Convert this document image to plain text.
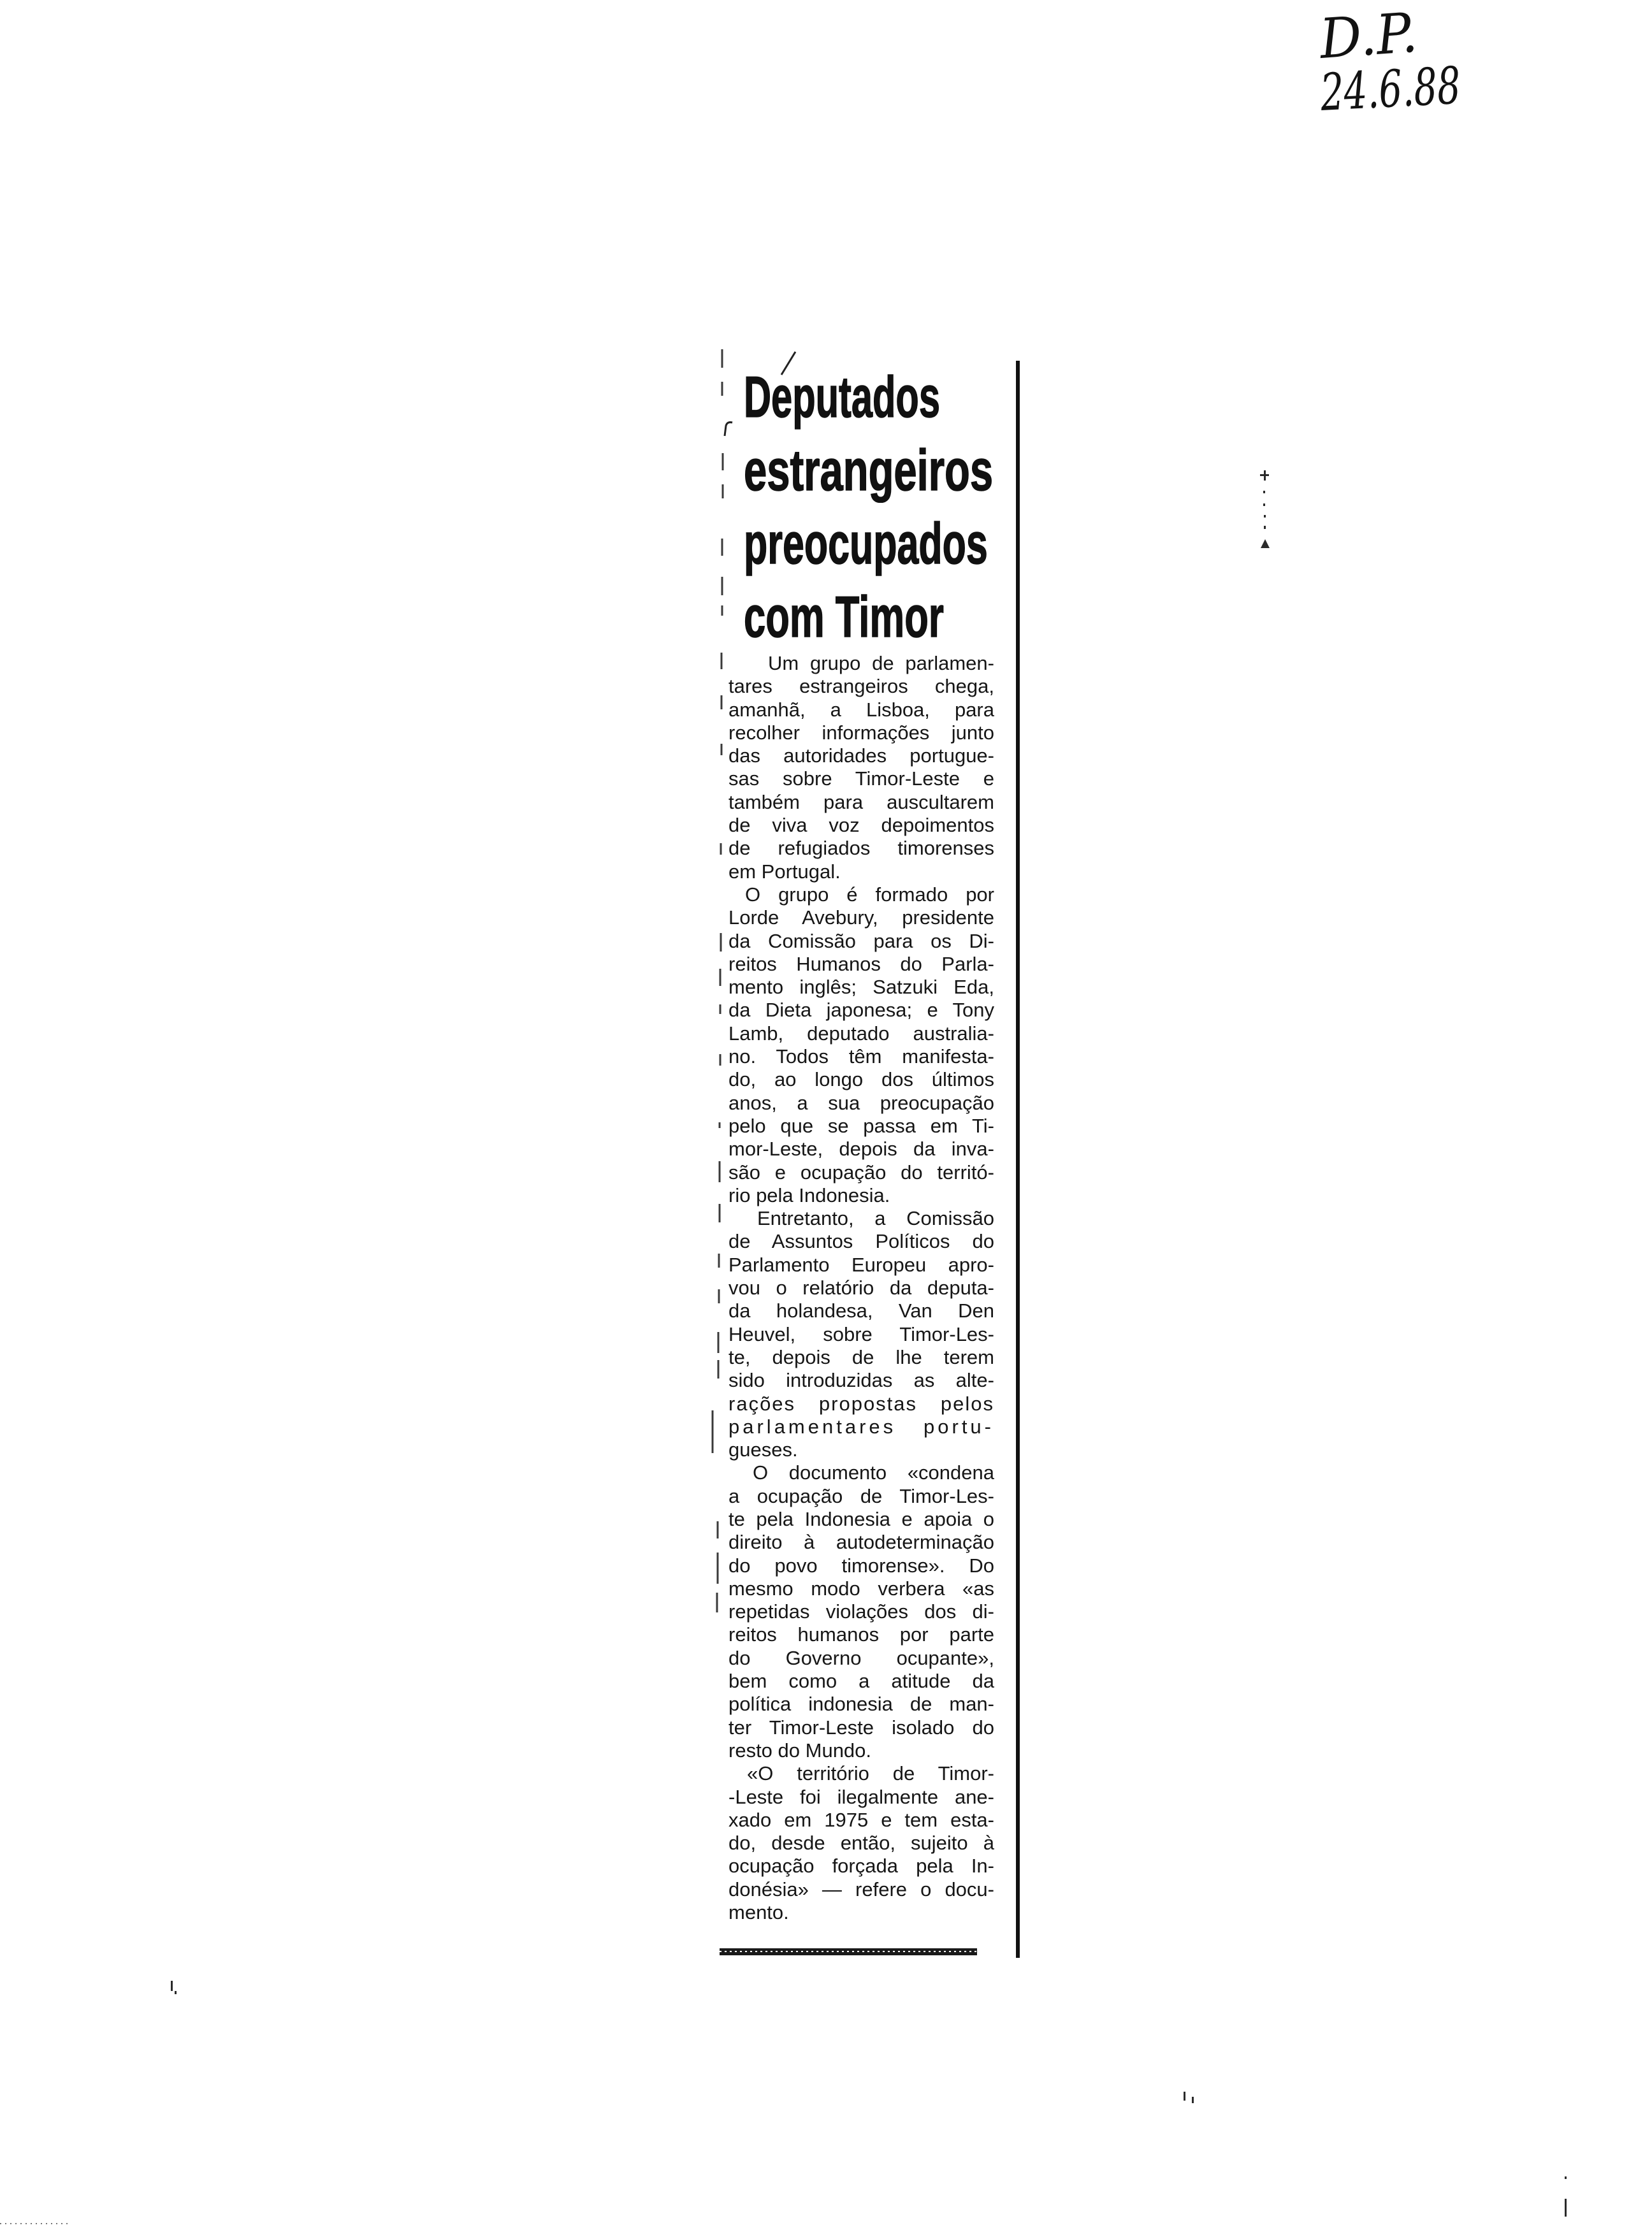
D.P.
24.6.88
Deputados
estrangeiros
preocupados
com Timor
Um grupo de parlamen-
tares estrangeiros chega,
amanhã, a Lisboa, para
recolher informações junto
das autoridades portugue-
sas sobre Timor-Leste e
também para auscultarem
de viva voz depoimentos
de refugiados timorenses
em Portugal.
O grupo é formado por
Lorde Avebury, presidente
da Comissão para os Di-
reitos Humanos do Parla-
mento inglês; Satzuki Eda,
da Dieta japonesa; e Tony
Lamb, deputado australia-
no. Todos têm manifesta-
do, ao longo dos últimos
anos, a sua preocupação
pelo que se passa em Ti-
mor-Leste, depois da inva-
são e ocupação do territó-
rio pela Indonesia.
Entretanto, a Comissão
de Assuntos Políticos do
Parlamento Europeu apro-
vou o relatório da deputa-
da holandesa, Van Den
Heuvel, sobre Timor-Les-
te, depois de lhe terem
sido introduzidas as alte-
rações propostas pelos
parlamentares portu-
gueses.
O documento «condena
a ocupação de Timor-Les-
te pela Indonesia e apoia o
direito à autodeterminação
do povo timorense». Do
mesmo modo verbera «as
repetidas violações dos di-
reitos humanos por parte
do Governo ocupante»,
bem como a atitude da
política indonesia de man-
ter Timor-Leste isolado do
resto do Mundo.
«O território de Timor-
-Leste foi ilegalmente ane-
xado em 1975 e tem esta-
do, desde então, sujeito à
ocupação forçada pela In-
donésia» — refere o docu-
mento.
